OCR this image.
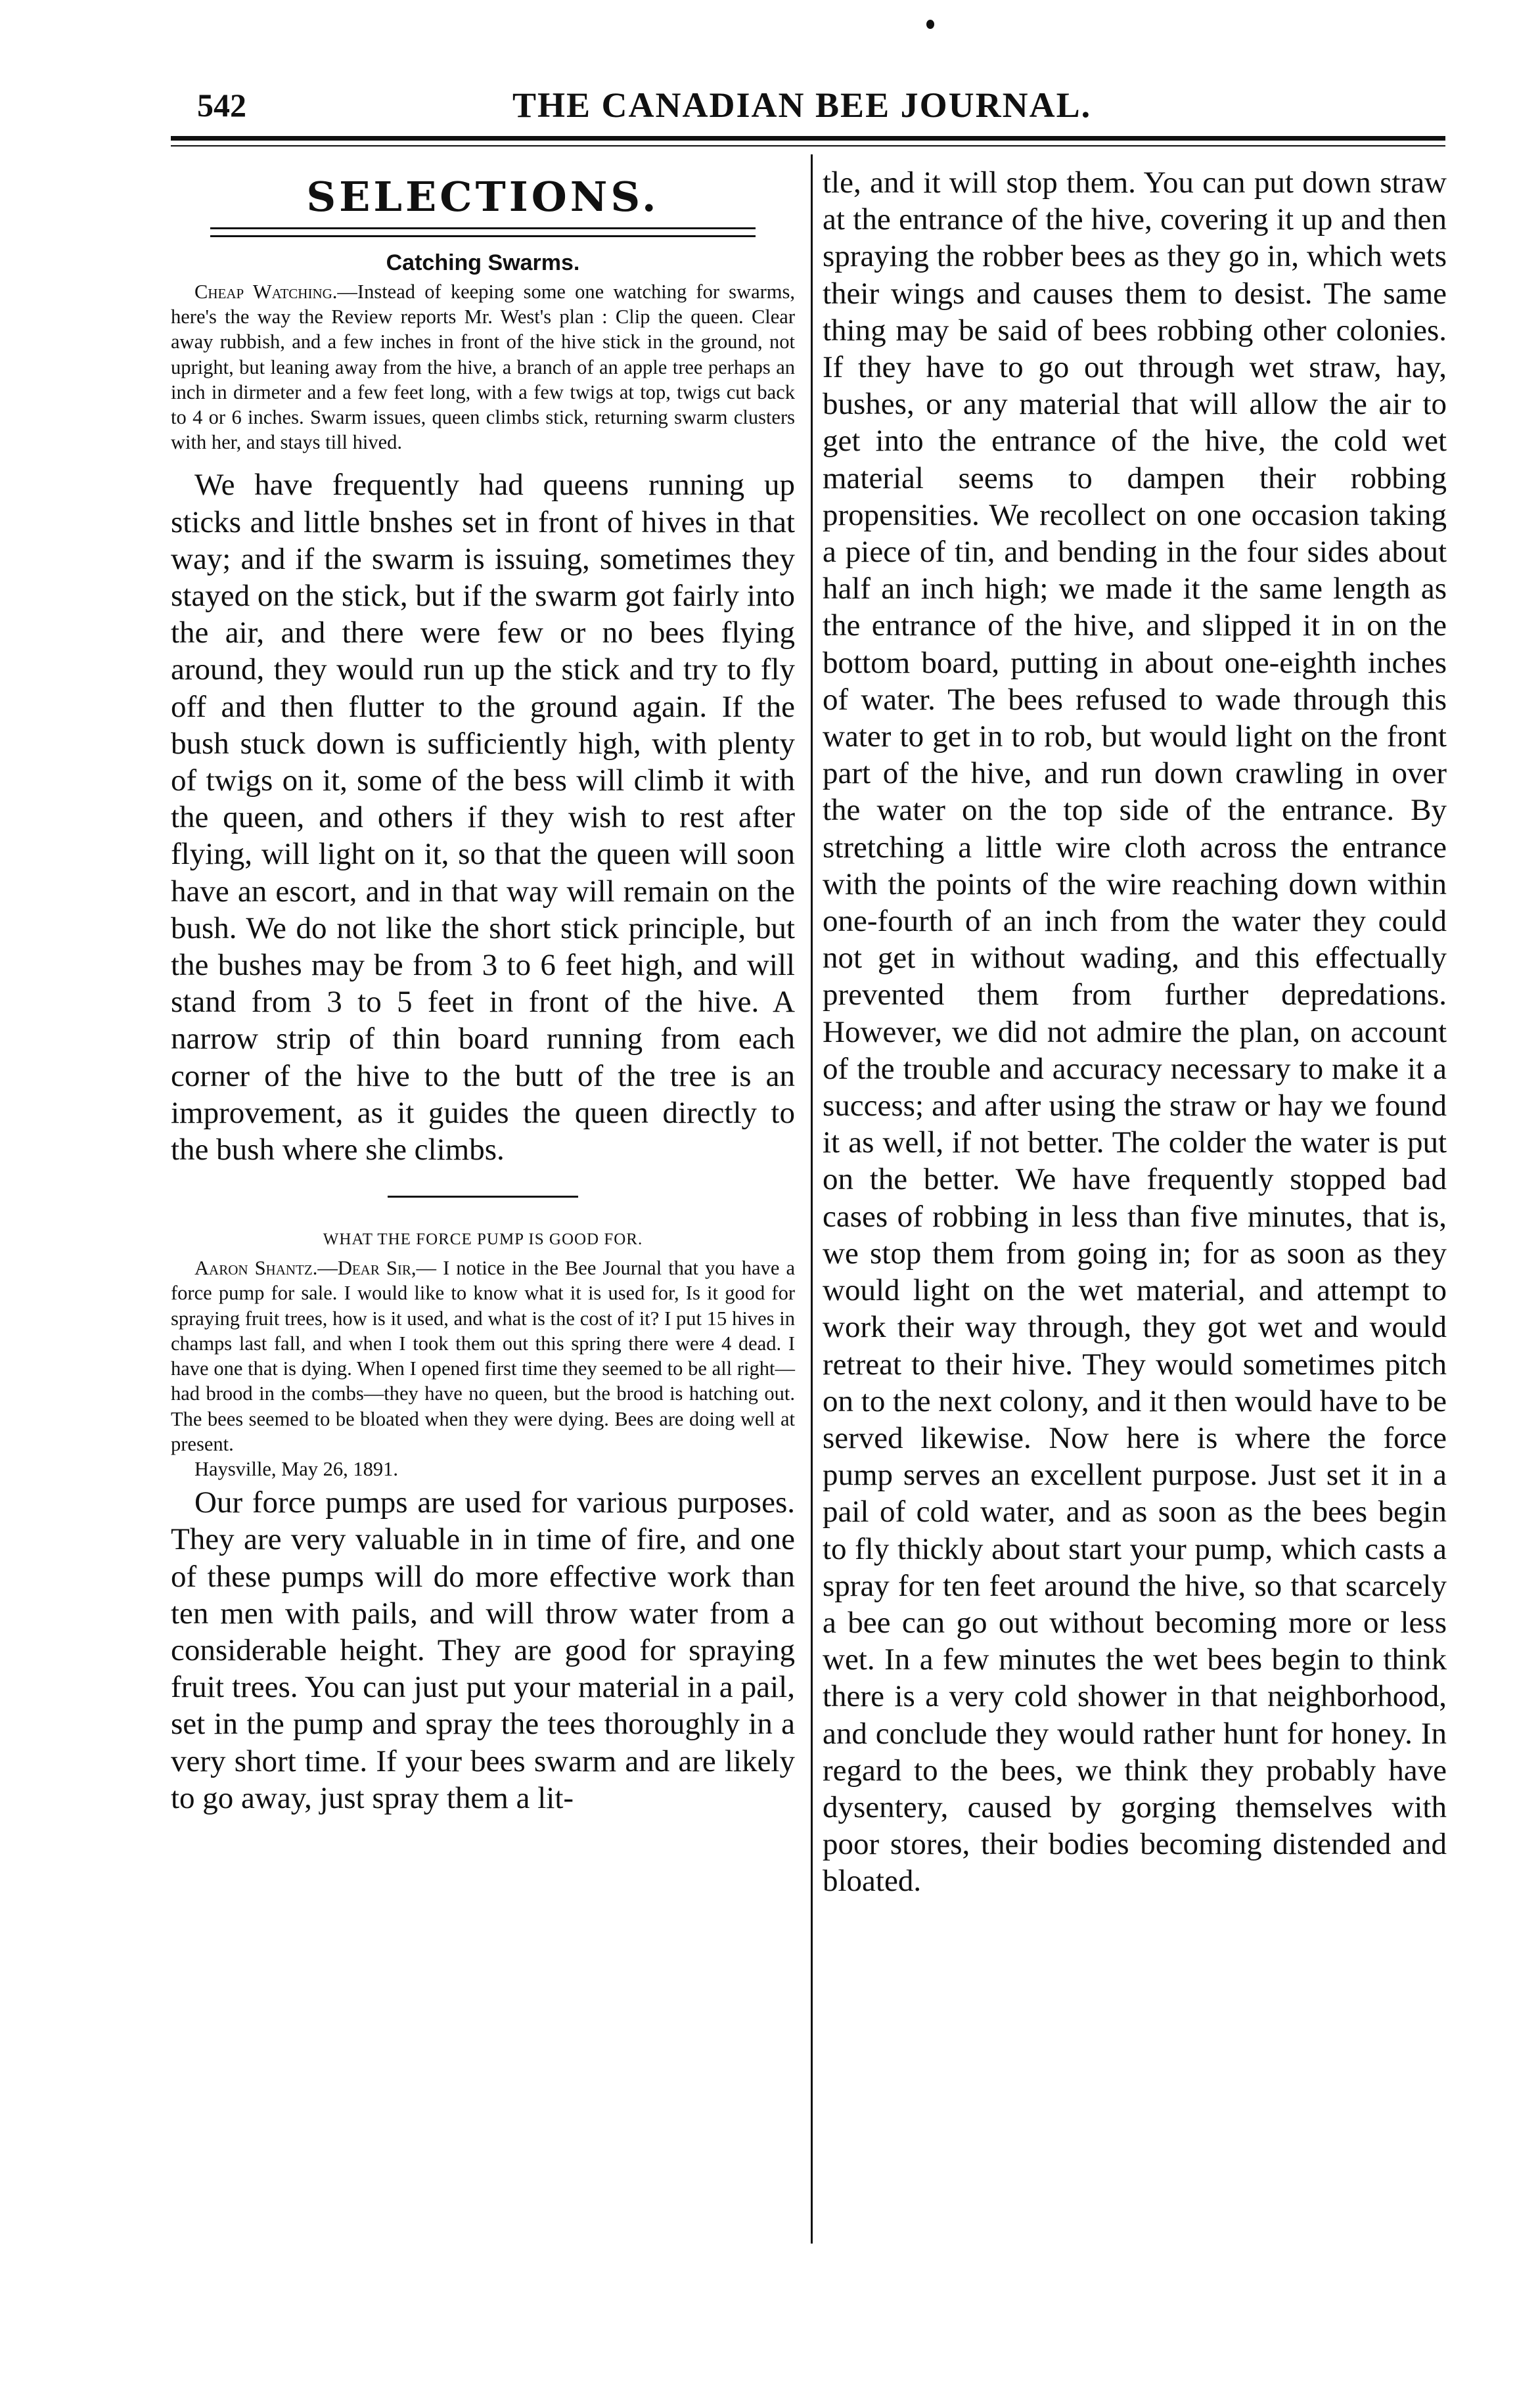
542	THE CANADIAN BEE JOURNAL.
SELECTIONS.
Catching Swarms.

Cheap Watching.—Instead of keeping some one watching for swarms, here's the way the Review reports Mr. West's plan : Clip the queen. Clear away rubbish, and a few inches in front of the hive stick in the ground, not upright, but leaning away from the hive, a branch of an apple tree perhaps an inch in dirmeter and a few feet long, with a few twigs at top, twigs cut back to 4 or 6 inches. Swarm issues, queen climbs stick, returning swarm clusters with her, and stays till hived.

We have frequently had queens running up sticks and little bnshes set in front of hives in that way; and if the swarm is issuing, sometimes they stayed on the stick, but if the swarm got fairly into the air, and there were few or no bees flying around, they would run up the stick and try to fly off and then flutter to the ground again. If the bush stuck down is sufficiently high, with plenty of twigs on it, some of the bess will climb it with the queen, and others if they wish to rest after flying, will light on it, so that the queen will soon have an escort, and in that way will remain on the bush. We do not like the short stick principle, but the bushes may be from 3 to 6 feet high, and will stand from 3 to 5 feet in front of the hive. A narrow strip of thin board running from each corner of the hive to the butt of the tree is an improvement, as it guides the queen directly to the bush where she climbs.

WHAT THE FORCE PUMP IS GOOD FOR.

Aaron Shantz.—Dear Sir,— I notice in the Bee Journal that you have a force pump for sale. I would like to know what it is used for, Is it good for spraying fruit trees, how is it used, and what is the cost of it? I put 15 hives in champs last fall, and when I took them out this spring there were 4 dead. I have one that is dying. When I opened first time they seemed to be all right—had brood in the combs—they have no queen, but the brood is hatching out. The bees seemed to be bloated when they were dying. Bees are doing well at present.

Haysville, May 26, 1891.

Our force pumps are used for various purposes. They are very valuable in in time of fire, and one of these pumps will do more effective work than ten men with pails, and will throw water from a considerable height. They are good for spraying fruit trees. You can just put your material in a pail, set in the pump and spray the tees thoroughly in a very short time. If your bees swarm and are likely to go away, just spray them a lit-

tle, and it will stop them. You can put down straw at the entrance of the hive, covering it up and then spraying the robber bees as they go in, which wets their wings and causes them to desist. The same thing may be said of bees robbing other colonies. If they have to go out through wet straw, hay, bushes, or any material that will allow the air to get into the entrance of the hive, the cold wet material seems to dampen their robbing propensities. We recollect on one occasion taking a piece of tin, and bending in the four sides about half an inch high; we made it the same length as the entrance of the hive, and slipped it in on the bottom board, putting in about one-eighth inches of water. The bees refused to wade through this water to get in to rob, but would light on the front part of the hive, and run down crawling in over the water on the top side of the entrance. By stretching a little wire cloth across the entrance with the points of the wire reaching down within one-fourth of an inch from the water they could not get in without wading, and this effectually prevented them from further depredations. However, we did not admire the plan, on account of the trouble and accuracy necessary to make it a success; and after using the straw or hay we found it as well, if not better. The colder the water is put on the better. We have frequently stopped bad cases of robbing in less than five minutes, that is, we stop them from going in; for as soon as they would light on the wet material, and attempt to work their way through, they got wet and would retreat to their hive. They would sometimes pitch on to the next colony, and it then would have to be served likewise. Now here is where the force pump serves an excellent purpose. Just set it in a pail of cold water, and as soon as the bees begin to fly thickly about start your pump, which casts a spray for ten feet around the hive, so that scarcely a bee can go out without becoming more or less wet. In a few minutes the wet bees begin to think there is a very cold shower in that neighborhood, and conclude they would rather hunt for honey. In regard to the bees, we think they probably have dysentery, caused by gorging themselves with poor stores, their bodies becoming distended and bloated.
